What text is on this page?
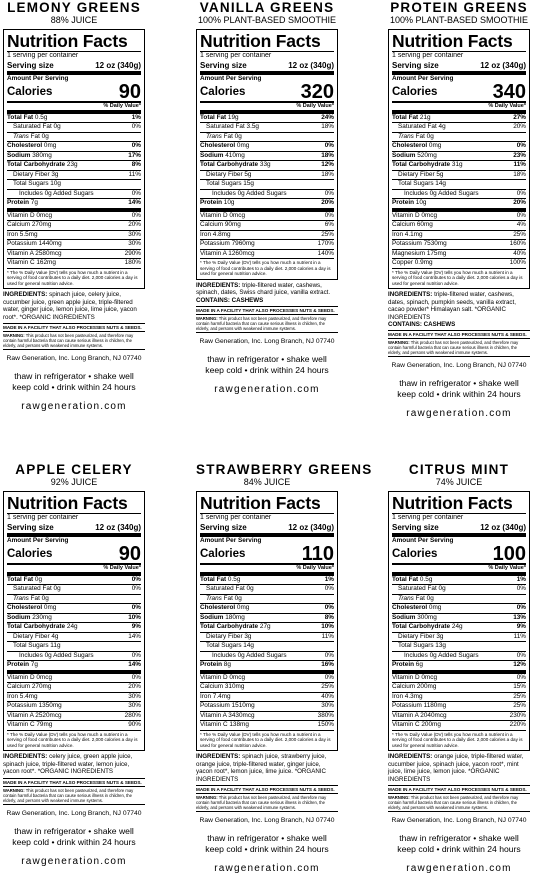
LEMONY GREENS
88% JUICE
Nutrition Facts
1 serving per container
Serving size	12 oz (340g)
Amount Per Serving
Calories	90
% Daily Value*
Total Fat 0.5g	1%
Saturated Fat 0g	0%
Trans Fat 0g
Cholesterol 0mg	0%
Sodium 380mg	17%
Total Carbohydrate 23g	8%
Dietary Fiber 3g	11%
Total Sugars 10g
Includes 0g Added Sugars	0%
Protein 7g	14%
Vitamin D 0mcg	0%
Calcium 270mg	20%
Iron 5.5mg	30%
Potassium 1440mg	30%
Vitamin A 2580mcg	290%
Vitamin C 162mg	180%
* The % Daily Value (DV) tells you how much a nutrient in a serving of food contributes to a daily diet. 2,000 calories a day is used for general nutrition advice.
INGREDIENTS: spinach juice, celery juice, cucumber juice, green apple juice, triple-filtered water, ginger juice, lemon juice, lime juice, yacon root*. *ORGANIC INGREDIENTS
MADE IN A FACILITY THAT ALSO PROCESSES NUTS & SEEDS.
WARNING: This product has not been pasteurized, and therefore may contain harmful bacteria that can cause serious illness in children, the elderly, and persons with weakened immune systems.
Raw Generation, Inc. Long Branch, NJ 07740
thaw in refrigerator • shake well
keep cold • drink within 24 hours
rawgeneration.com
VANILLA GREENS
100% PLANT-BASED SMOOTHIE
Nutrition Facts
1 serving per container
Serving size	12 oz (340g)
Amount Per Serving
Calories	320
% Daily Value*
Total Fat 19g	24%
Saturated Fat 3.5g	18%
Trans Fat 0g
Cholesterol 0mg	0%
Sodium 410mg	18%
Total Carbohydrate 33g	12%
Dietary Fiber 5g	18%
Total Sugars 15g
Includes 0g Added Sugars	0%
Protein 10g	20%
Vitamin D 0mcg	0%
Calcium 90mg	6%
Iron 4.8mg	25%
Potassium 7960mg	170%
Vitamin A 1260mcg	140%
* The % Daily Value (DV) tells you how much a nutrient in a serving of food contributes to a daily diet. 2,000 calories a day is used for general nutrition advice.
INGREDIENTS: triple-filtered water, cashews, spinach, dates, Swiss chard juice, vanilla extract.
CONTAINS: CASHEWS
MADE IN A FACILITY THAT ALSO PROCESSES NUTS & SEEDS.
WARNING: This product has not been pasteurized, and therefore may contain harmful bacteria that can cause serious illness in children, the elderly, and persons with weakened immune systems.
Raw Generation, Inc. Long Branch, NJ 07740
thaw in refrigerator • shake well
keep cold • drink within 24 hours
rawgeneration.com
PROTEIN GREENS
100% PLANT-BASED SMOOTHIE
Nutrition Facts
1 serving per container
Serving size	12 oz (340g)
Amount Per Serving
Calories	340
% Daily Value*
Total Fat 21g	27%
Saturated Fat 4g	20%
Trans Fat 0g
Cholesterol 0mg	0%
Sodium 520mg	23%
Total Carbohydrate 31g	11%
Dietary Fiber 5g	18%
Total Sugars 14g
Includes 0g Added Sugars	0%
Protein 10g	20%
Vitamin D 0mcg	0%
Calcium 60mg	4%
Iron 4.1mg	25%
Potassium 7530mg	160%
Magnesium 175mg	40%
Copper 0.9mg	100%
* The % Daily Value (DV) tells you how much a nutrient in a serving of food contributes to a daily diet. 2,000 calories a day is used for general nutrition advice.
INGREDIENTS: triple-filtered water, cashews, dates, spinach, pumpkin seeds, vanilla extract, cacao powder* Himalayan salt. *ORGANIC INGREDIENTS
CONTAINS: CASHEWS
MADE IN A FACILITY THAT ALSO PROCESSES NUTS & SEEDS.
WARNING: This product has not been pasteurized, and therefore may contain harmful bacteria that can cause serious illness in children, the elderly, and persons with weakened immune systems.
Raw Generation, Inc. Long Branch, NJ 07740
thaw in refrigerator • shake well
keep cold • drink within 24 hours
rawgeneration.com
APPLE CELERY
92% JUICE
Nutrition Facts
1 serving per container
Serving size	12 oz (340g)
Amount Per Serving
Calories	90
% Daily Value*
Total Fat 0g	0%
Saturated Fat 0g	0%
Trans Fat 0g
Cholesterol 0mg	0%
Sodium 230mg	10%
Total Carbohydrate 24g	9%
Dietary Fiber 4g	14%
Total Sugars 11g
Includes 0g Added Sugars	0%
Protein 7g	14%
Vitamin D 0mcg	0%
Calcium 270mg	20%
Iron 5.4mg	30%
Potassium 1350mg	30%
Vitamin A 2520mcg	280%
Vitamin C 79mg	90%
* The % Daily Value (DV) tells you how much a nutrient in a serving of food contributes to a daily diet. 2,000 calories a day is used for general nutrition advice.
INGREDIENTS: celery juice, green apple juice, spinach juice, triple-filtered water, lemon juice, yacon root*. *ORGANIC INGREDIENTS
MADE IN A FACILITY THAT ALSO PROCESSES NUTS & SEEDS.
WARNING: This product has not been pasteurized, and therefore may contain harmful bacteria that can cause serious illness in children, the elderly, and persons with weakened immune systems.
Raw Generation, Inc. Long Branch, NJ 07740
thaw in refrigerator • shake well
keep cold • drink within 24 hours
rawgeneration.com
STRAWBERRY GREENS
84% JUICE
Nutrition Facts
1 serving per container
Serving size	12 oz (340g)
Amount Per Serving
Calories	110
% Daily Value*
Total Fat 0.5g	1%
Saturated Fat 0g	0%
Trans Fat 0g
Cholesterol 0mg	0%
Sodium 180mg	8%
Total Carbohydrate 27g	10%
Dietary Fiber 3g	11%
Total Sugars 14g
Includes 0g Added Sugars	0%
Protein 8g	16%
Vitamin D 0mcg	0%
Calcium 310mg	25%
Iron 7.4mg	40%
Potassium 1510mg	30%
Vitamin A 3430mcg	380%
Vitamin C 138mg	150%
* The % Daily Value (DV) tells you how much a nutrient in a serving of food contributes to a daily diet. 2,000 calories a day is used for general nutrition advice.
INGREDIENTS: spinach juice, strawberry juice, orange juice, triple-filtered water, ginger juice, yacon root*, lemon juice, lime juice. *ORGANIC INGREDIENTS
MADE IN A FACILITY THAT ALSO PROCESSES NUTS & SEEDS.
WARNING: This product has not been pasteurized, and therefore may contain harmful bacteria that can cause serious illness in children, the elderly, and persons with weakened immune systems.
Raw Generation, Inc. Long Branch, NJ 07740
thaw in refrigerator • shake well
keep cold • drink within 24 hours
rawgeneration.com
CITRUS MINT
74% JUICE
Nutrition Facts
1 serving per container
Serving size	12 oz (340g)
Amount Per Serving
Calories	100
% Daily Value*
Total Fat 0.5g	1%
Saturated Fat 0g	0%
Trans Fat 0g
Cholesterol 0mg	0%
Sodium 300mg	13%
Total Carbohydrate 24g	9%
Dietary Fiber 3g	11%
Total Sugars 13g
Includes 0g Added Sugars	0%
Protein 6g	12%
Vitamin D 0mcg	0%
Calcium 200mg	15%
Iron 4.3mg	25%
Potassium 1180mg	25%
Vitamin A 2040mcg	230%
Vitamin C 200mg	220%
* The % Daily Value (DV) tells you how much a nutrient in a serving of food contributes to a daily diet. 2,000 calories a day is used for general nutrition advice.
INGREDIENTS: orange juice, triple-filtered water, cucumber juice, spinach juice, yacon root*, mint juice, lime juice, lemon juice. *ORGANIC INGREDIENTS
MADE IN A FACILITY THAT ALSO PROCESSES NUTS & SEEDS.
WARNING: This product has not been pasteurized, and therefore may contain harmful bacteria that can cause serious illness in children, the elderly, and persons with weakened immune systems.
Raw Generation, Inc. Long Branch, NJ 07740
thaw in refrigerator • shake well
keep cold • drink within 24 hours
rawgeneration.com
